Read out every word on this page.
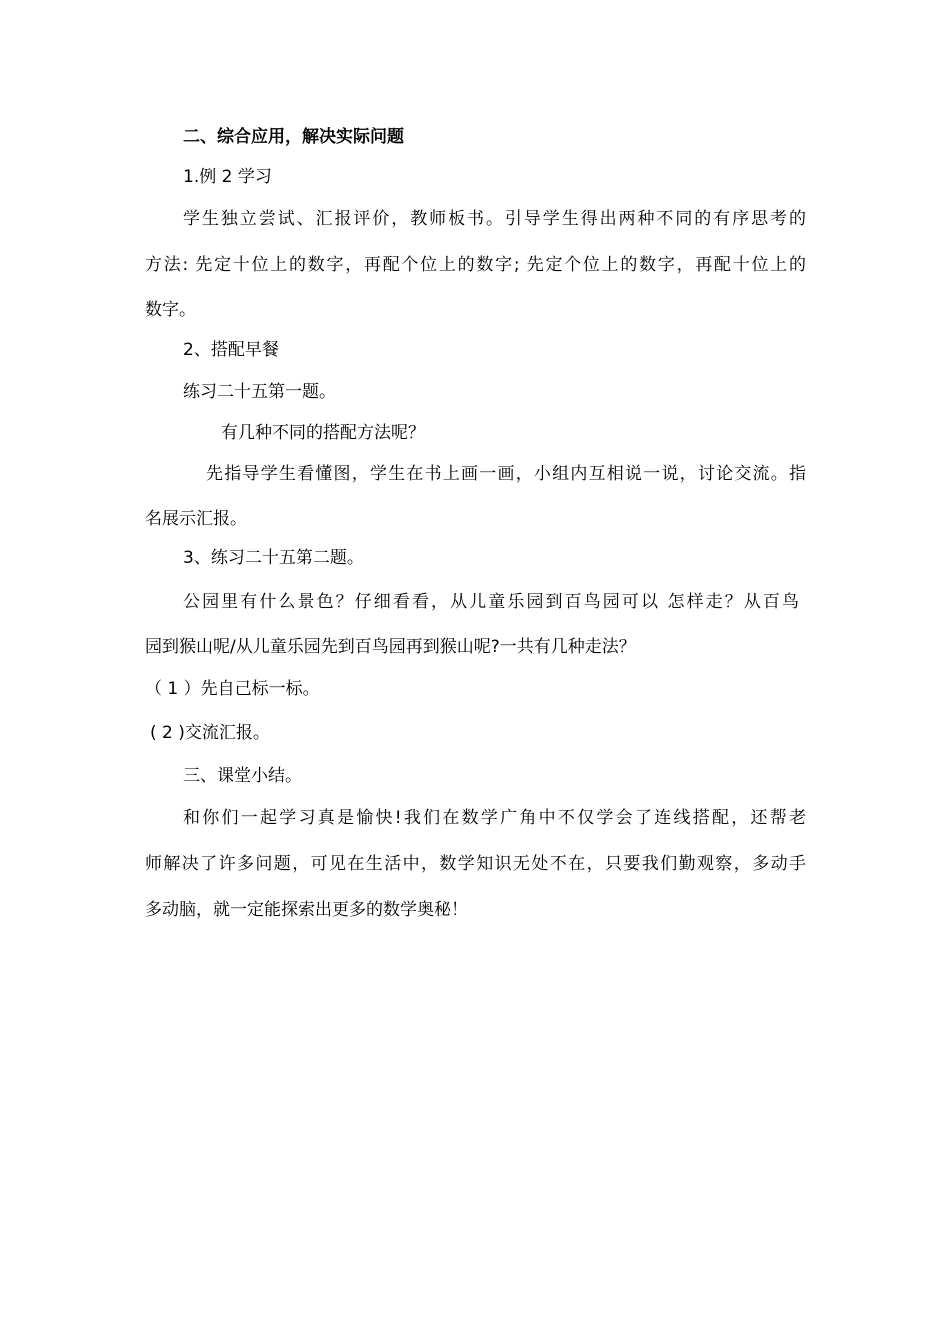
二、综合应用，解决实际问题
1.例 2 学习
学生独立尝试、汇报评价，教师板书。引导学生得出两种不同的有序思考的
方法: 先定十位上的数字，再配个位上的数字; 先定个位上的数字，再配十位上的
数字。
2、搭配早餐
练习二十五第一题。
有几种不同的搭配方法呢？
先指导学生看懂图，学生在书上画一画，小组内互相说一说，讨论交流。指
名展示汇报。
3、练习二十五第二题。
公园里有什么景色？仔细看看，从儿童乐园到百鸟园可以 怎样走？从百鸟
园到猴山呢/从儿童乐园先到百鸟园再到猴山呢?一共有几种走法？
（ 1 ）先自己标一标。
( 2 )交流汇报。
三、课堂小结。
和你们一起学习真是愉快!我们在数学广角中不仅学会了连线搭配，还帮老
师解决了许多问题，可见在生活中，数学知识无处不在，只要我们勤观察，多动手
多动脑，就一定能探索出更多的数学奥秘！
